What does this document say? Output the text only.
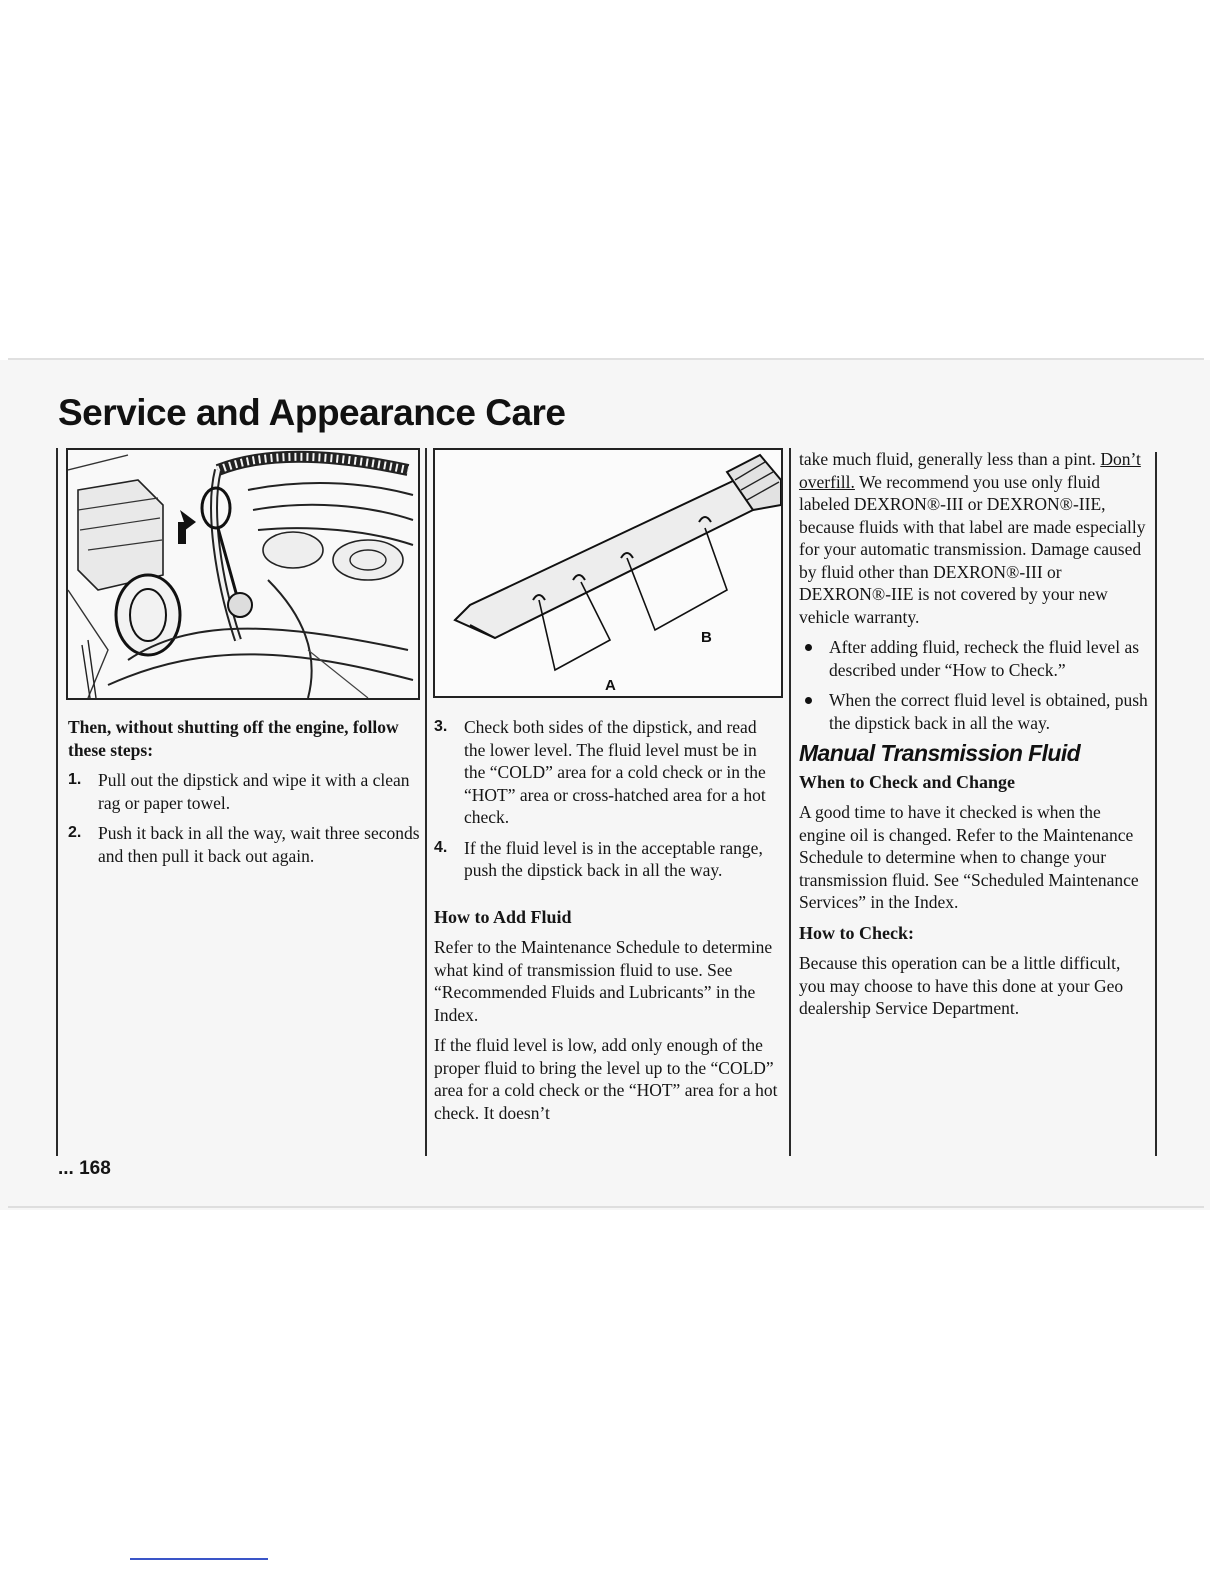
Service and Appearance Care
A
B

Then, without shutting off the engine, follow these steps:

1. Pull out the dipstick and wipe it with a clean rag or paper towel.
2. Push it back in all the way, wait three seconds and then pull it back out again.
3. Check both sides of the dipstick, and read the lower level. The fluid level must be in the “COLD” area for a cold check or in the “HOT” area or cross-hatched area for a hot check.
4. If the fluid level is in the acceptable range, push the dipstick back in all the way.

How to Add Fluid

Refer to the Maintenance Schedule to determine what kind of transmission fluid to use. See “Recommended Fluids and Lubricants” in the Index.

If the fluid level is low, add only enough of the proper fluid to bring the level up to the “COLD” area for a cold check or the “HOT” area for a hot check. It doesn’t

take much fluid, generally less than a pint. Don’t overfill. We recommend you use only fluid labeled DEXRON®-III or DEXRON®-IIE, because fluids with that label are made especially for your automatic transmission. Damage caused by fluid other than DEXRON®-III or DEXRON®-IIE is not covered by your new vehicle warranty.

After adding fluid, recheck the fluid level as described under “How to Check.”
When the correct fluid level is obtained, push the dipstick back in all the way.
Manual Transmission Fluid

When to Check and Change

A good time to have it checked is when the engine oil is changed. Refer to the Maintenance Schedule to determine when to change your transmission fluid. See “Scheduled Maintenance Services” in the Index.

How to Check:

Because this operation can be a little difficult, you may choose to have this done at your Geo dealership Service Department.

... 168
